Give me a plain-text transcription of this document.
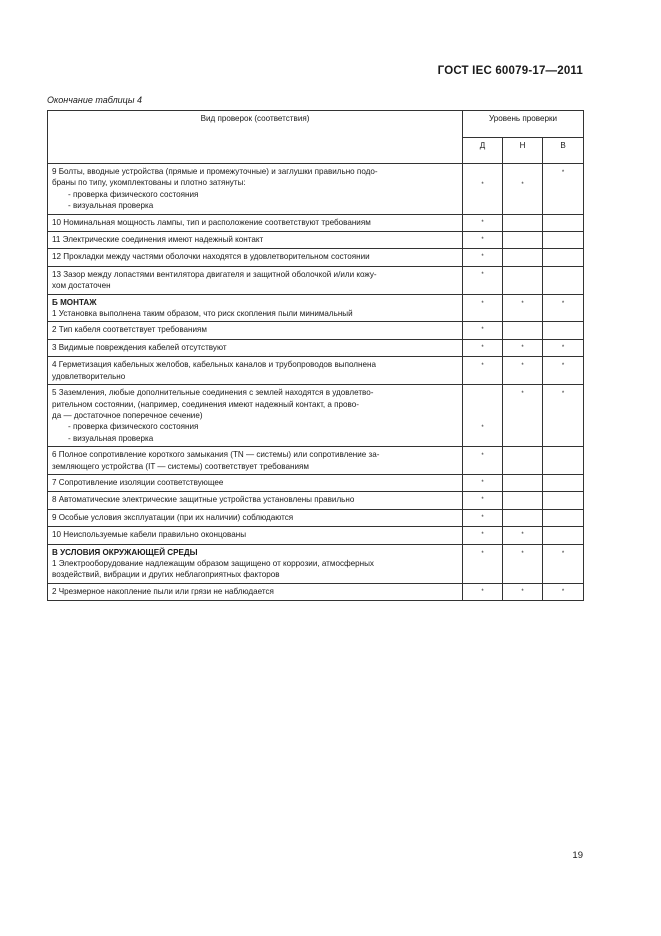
ГОСТ IEC 60079-17—2011
Окончание таблицы 4
Вид проверок (соответствия)	Уровень проверки		
	Д	Н	В
9 Болты, вводные устройства (прямые и промежуточные) и заглушки правильно подо-
браны по типу, укомплектованы и плотно затянуты:
- проверка физического состояния
- визуальная проверка	*	*	*
10 Номинальная мощность лампы, тип и расположение соответствуют требованиям	*		
11 Электрические соединения имеют надежный контакт	*		
12 Прокладки между частями оболочки находятся в удовлетворительном состоянии	*		
13 Зазор между лопастями вентилятора двигателя и защитной оболочкой и/или кожу-
хом достаточен	*		
Б МОНТАЖ
1 Установка выполнена таким образом, что риск скопления пыли минимальный	*	*	*
2 Тип кабеля соответствует требованиям	*		
3 Видимые повреждения кабелей отсутствуют	*	*	*
4 Герметизация кабельных желобов, кабельных каналов и трубопроводов выполнена
удовлетворительно	*	*	*
5 Заземления, любые дополнительные соединения с землей находятся в удовлетво-
рительном состоянии, (например, соединения имеют надежный контакт, а прово-
да — достаточное поперечное сечение)
- проверка физического состояния
- визуальная проверка	*	*	*
6 Полное сопротивление короткого замыкания (TN — системы) или сопротивление за-
земляющего устройства (IT — системы) соответствует требованиям	*		
7 Сопротивление изоляции соответствующее	*		
8 Автоматические электрические защитные устройства установлены правильно	*		
9 Особые условия эксплуатации (при их наличии) соблюдаются	*		
10 Неиспользуемые кабели правильно оконцованы	*	*	
В УСЛОВИЯ ОКРУЖАЮЩЕЙ СРЕДЫ
1 Электрооборудование надлежащим образом защищено от коррозии, атмосферных
воздействий, вибрации и других неблагоприятных факторов	*	*	*
2 Чрезмерное накопление пыли или грязи не наблюдается	*	*	*
19
